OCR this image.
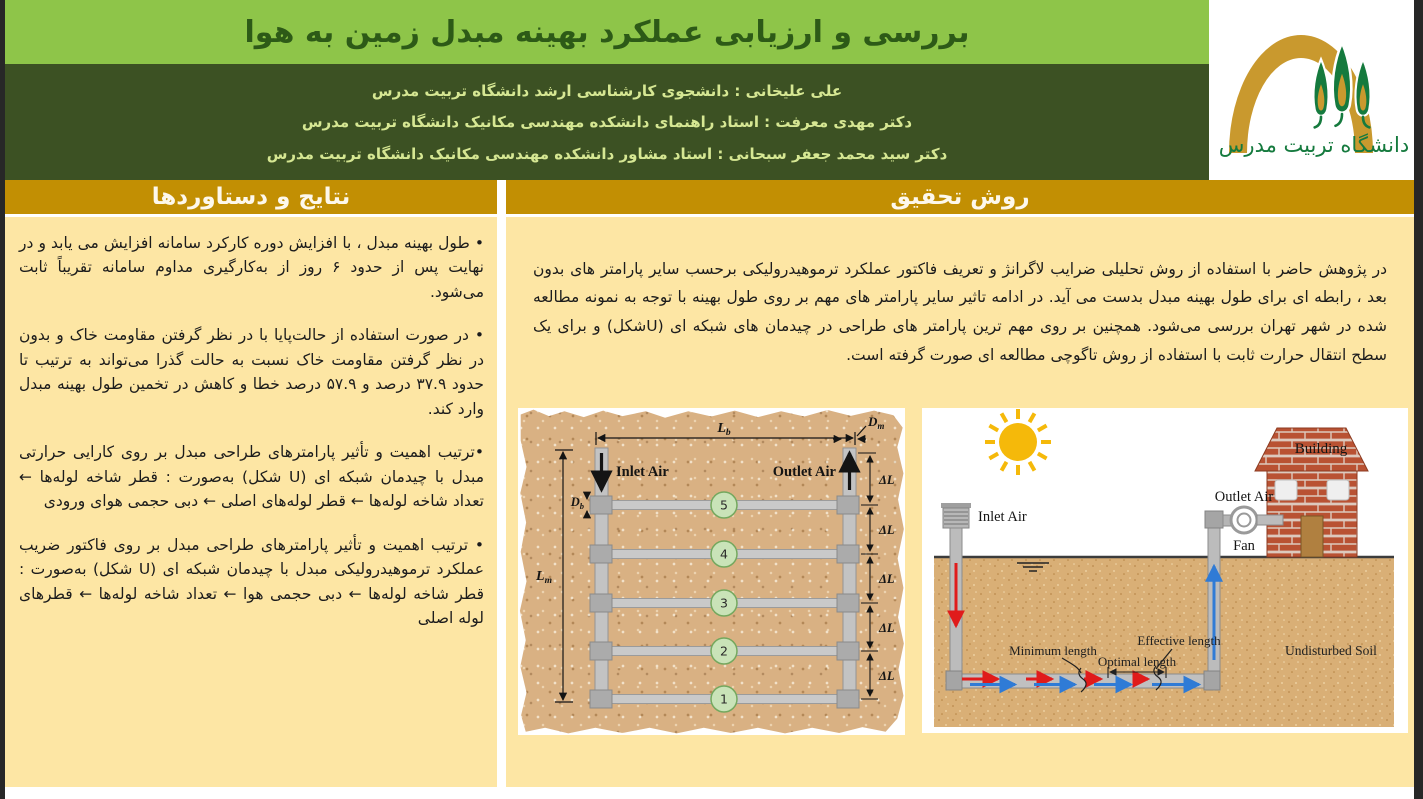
بررسی و ارزیابی عملکرد بهینه مبدل زمین به هوا
علی علیخانی : دانشجوی کارشناسی ارشد دانشگاه تربیت مدرس
دکتر مهدی معرفت : استاد راهنمای دانشکده مهندسی مکانیک دانشگاه تربیت مدرس
دکتر سید محمد جعفر سبحانی : استاد مشاور دانشکده مهندسی مکانیک دانشگاه تربیت مدرس	دانشگاه تربیت مدرس
نتایج و دستاوردها	روش تحقیق

• طول بهینه مبدل ، با افزایش دوره کارکرد سامانه افزایش می یابد و در نهایت پس از حدود ۶ روز از به‌کارگیری مداوم سامانه تقریباً ثابت می‌شود.

• در صورت استفاده از حالت‌پایا با در نظر گرفتن مقاومت خاک و بدون در نظر گرفتن مقاومت خاک نسبت به حالت گذرا می‌تواند به ترتیب تا حدود ۳۷.۹ درصد و ۵۷.۹ درصد خطا و کاهش در تخمین طول بهینه مبدل وارد کند.

•ترتیب اهمیت و تأثیر پارامترهای طراحی مبدل بر روی کارایی حرارتی مبدل با چیدمان شبکه ای (U شکل) به‌صورت : قطر شاخه لوله‌ها ← تعداد شاخه لوله‌ها ← قطر لوله‌های اصلی ← دبی حجمی هوای ورودی

• ترتیب اهمیت و تأثیر پارامترهای طراحی مبدل بر روی فاکتور ضریب عملکرد ترموهیدرولیکی مبدل با چیدمان شبکه ای (U شکل) به‌صورت : قطر شاخه لوله‌ها ← دبی حجمی هوا ← تعداد شاخه لوله‌ها ← قطرهای لوله اصلی

در پژوهش حاضر با استفاده از روش تحلیلی ضرایب لاگرانژ و تعریف فاکتور عملکرد ترموهیدرولیکی برحسب سایر پارامتر های بدون بعد ، رابطه ای برای طول بهینه مبدل بدست می آید. در ادامه تاثیر سایر پارامتر های مهم بر روی طول بهینه با توجه به نمونه مطالعه شده در شهر تهران بررسی می‌شود. همچنین بر روی مهم ترین پارامتر های طراحی در چیدمان های شبکه ای (Uشکل) و برای یک سطح انتقال حرارت ثابت با استفاده از روش تاگوچی مطالعه ای صورت گرفته است.

Inlet Air	Outlet Air
$L_b$
$D_m$
$D_b$
$L_m$
ΔL
ΔL
ΔL
ΔL
ΔL
5
4
3
2
1
Building
Inlet Air
Outlet Air
Fan
Minimum length
Optimal length
Effective length
Undisturbed Soil
